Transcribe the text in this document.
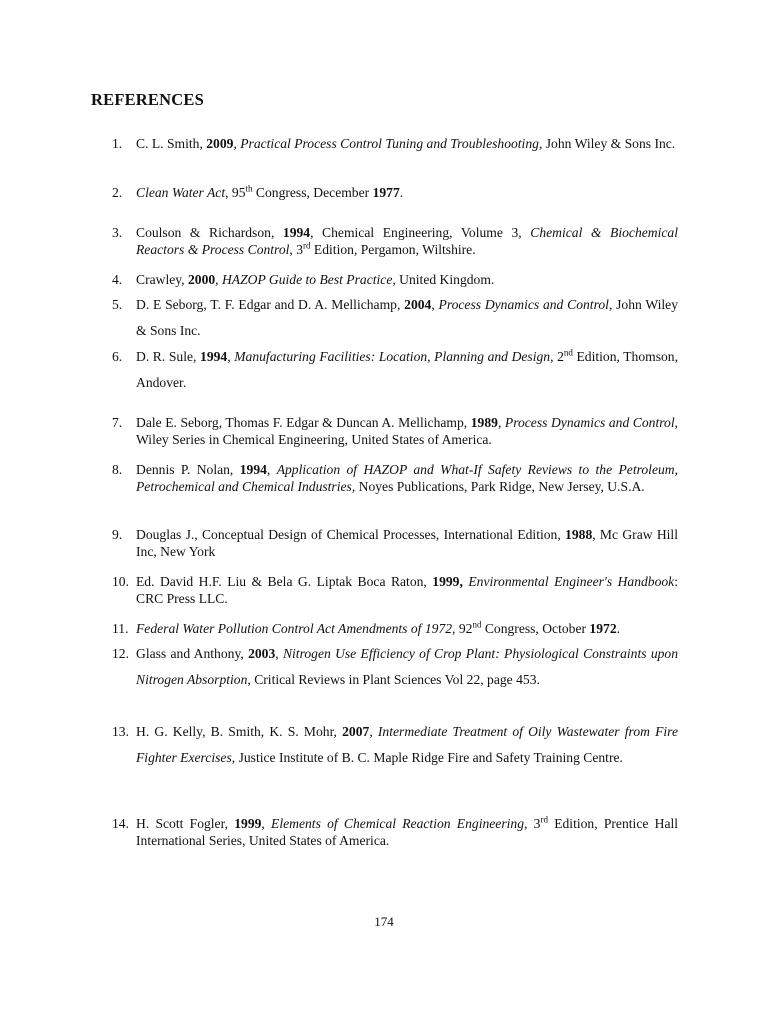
REFERENCES
1.	C. L. Smith, 2009, Practical Process Control Tuning and Troubleshooting, John Wiley & Sons Inc.
2.	Clean Water Act, 95th Congress, December 1977.
3.	Coulson & Richardson, 1994, Chemical Engineering, Volume 3, Chemical & Biochemical Reactors & Process Control, 3rd Edition, Pergamon, Wiltshire.
4.	Crawley, 2000, HAZOP Guide to Best Practice, United Kingdom.
5.	D. E Seborg, T. F. Edgar and D. A. Mellichamp, 2004, Process Dynamics and Control, John Wiley & Sons Inc.
6.	D. R. Sule, 1994, Manufacturing Facilities: Location, Planning and Design, 2nd Edition, Thomson, Andover.
7.	Dale E. Seborg, Thomas F. Edgar & Duncan A. Mellichamp, 1989, Process Dynamics and Control, Wiley Series in Chemical Engineering, United States of America.
8.	Dennis P. Nolan, 1994, Application of HAZOP and What-If Safety Reviews to the Petroleum, Petrochemical and Chemical Industries, Noyes Publications, Park Ridge, New Jersey, U.S.A.
9.	Douglas J., Conceptual Design of Chemical Processes, International Edition, 1988, Mc Graw Hill Inc, New York
10. Ed. David H.F. Liu & Bela G. Liptak Boca Raton, 1999, Environmental Engineer's Handbook: CRC Press LLC.
11. Federal Water Pollution Control Act Amendments of 1972, 92nd Congress, October 1972.
12. Glass and Anthony, 2003, Nitrogen Use Efficiency of Crop Plant: Physiological Constraints upon Nitrogen Absorption, Critical Reviews in Plant Sciences Vol 22, page 453.
13. H. G. Kelly, B. Smith, K. S. Mohr, 2007, Intermediate Treatment of Oily Wastewater from Fire Fighter Exercises, Justice Institute of B. C. Maple Ridge Fire and Safety Training Centre.
14. H. Scott Fogler, 1999, Elements of Chemical Reaction Engineering, 3rd Edition, Prentice Hall International Series, United States of America.
174
